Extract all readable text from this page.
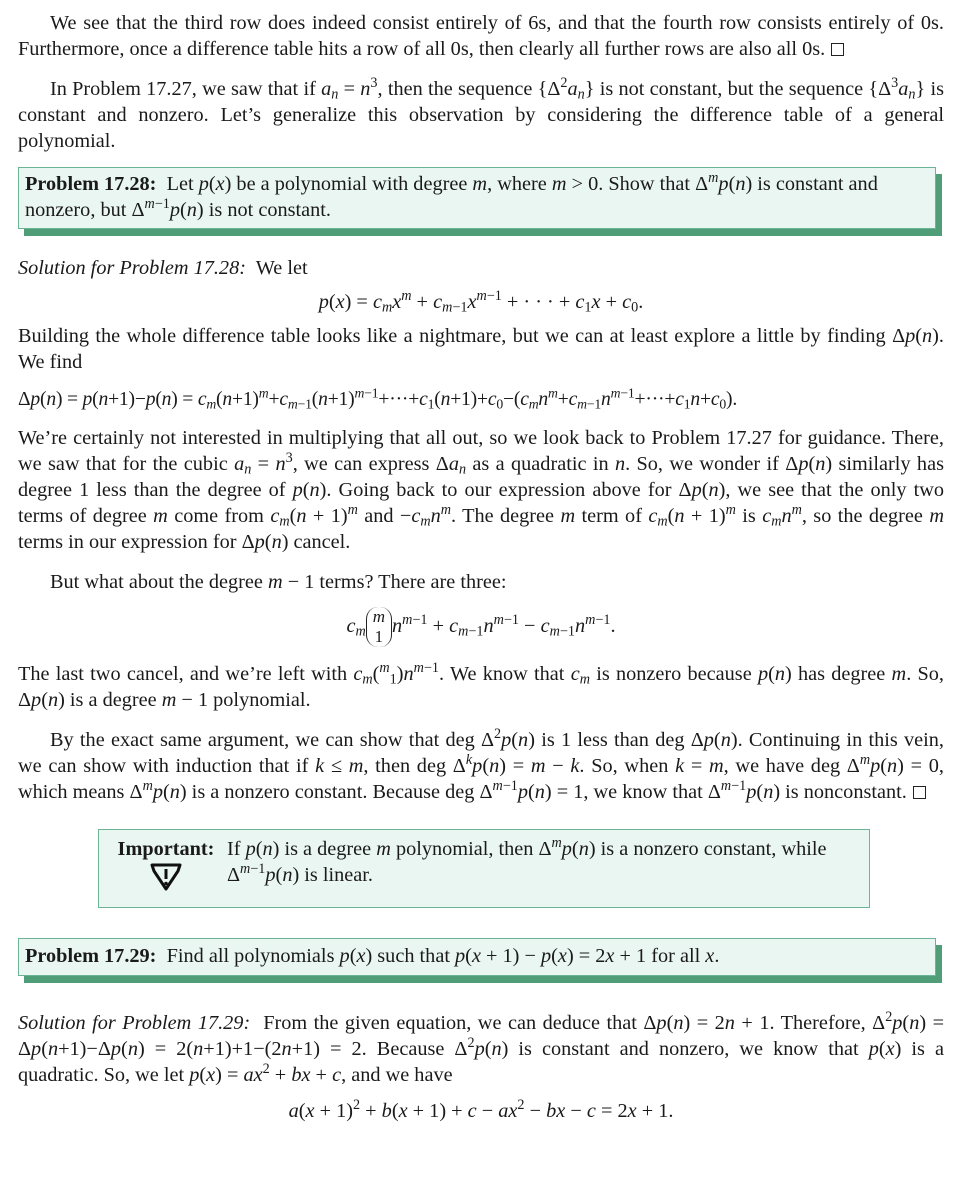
We see that the third row does indeed consist entirely of 6s, and that the fourth row consists entirely of 0s. Furthermore, once a difference table hits a row of all 0s, then clearly all further rows are also all 0s.

In Problem 17.27, we saw that if $a_n = n^3$, then the sequence $\{\Delta^2a_n\}$ is not constant, but the sequence $\{\Delta^3a_n\}$ is constant and nonzero. Let’s generalize this observation by considering the difference table of a general polynomial.

Problem 17.28: Let p(x) be a polynomial with degree m, where m > 0. Show that $\Delta^mp(n)$ is constant and nonzero, but $\Delta^{m-1}p(n)$ is not constant.

Solution for Problem 17.28: We let

$p(x) = c_mx^m + c_{m-1}x^{m-1}$ + · · · + $c_1x + c_0$.

Building the whole difference table looks like a nightmare, but we can at least explore a little by finding Δp(n). We find

$\Delta p(n) = p(n+1)-p(n) = c_m(n+1)^m+c_{m-1}(n+1)^{m-1}+\cdot\cdot\cdot+c_1(n+1)+c_0-(c_mn^m+c_{m-1}n^{m-1}+\cdot\cdot\cdot+c_1n+c_0)$.

We’re certainly not interested in multiplying that all out, so we look back to Problem 17.27 for guidance. There, we saw that for the cubic $a_n = n^3$, we can express $\Delta a_n$ as a quadratic in n. So, we wonder if Δp(n) similarly has degree 1 less than the degree of p(n). Going back to our expression above for Δp(n), we see that the only two terms of degree m come from $c_m(n + 1)^m$ and $-c_mn^m$. The degree m term of $c_m(n + 1)^m$ is $c_mn^m$, so the degree m terms in our expression for Δp(n) cancel.

But what about the degree m − 1 terms? There are three:

$c_m$
m
1 $n^{m-1} + c_{m-1}n^{m-1} - c_{m-1}n^{m-1}$.

The last two cancel, and we’re left with $c_m(^m_1)n^{m-1}$. We know that $c_m$ is nonzero because p(n) has degree m. So, Δp(n) is a degree m − 1 polynomial.

By the exact same argument, we can show that deg $\Delta^2p(n)$ is 1 less than deg Δp(n). Continuing in this vein, we can show with induction that if k ≤ m, then deg $\Delta^kp(n) = m - k$. So, when k = m, we have deg $\Delta^mp(n) = 0$, which means $\Delta^mp(n)$ is a nonzero constant. Because deg $\Delta^{m-1}p(n) = 1$, we know that $\Delta^{m-1}p(n)$ is nonconstant.

Important: If p(n) is a degree m polynomial, then $\Delta^mp(n)$ is a nonzero constant, while $\Delta^{m-1}p(n)$ is linear.
Problem 17.29: Find all polynomials p(x) such that p(x + 1) − p(x) = 2x + 1 for all x.

Solution for Problem 17.29: From the given equation, we can deduce that Δp(n) = 2n + 1. Therefore, $\Delta^2p(n) = \Delta p(n+1)-\Delta p(n) = 2(n+1)+1-(2n+1) = 2$. Because $\Delta^2p(n)$ is constant and nonzero, we know that p(x) is a quadratic. So, we let $p(x) = ax^2$ + bx + c, and we have

$a(x + 1)^2 + b(x + 1) + c - ax^2$ − bx − c = 2x + 1.
